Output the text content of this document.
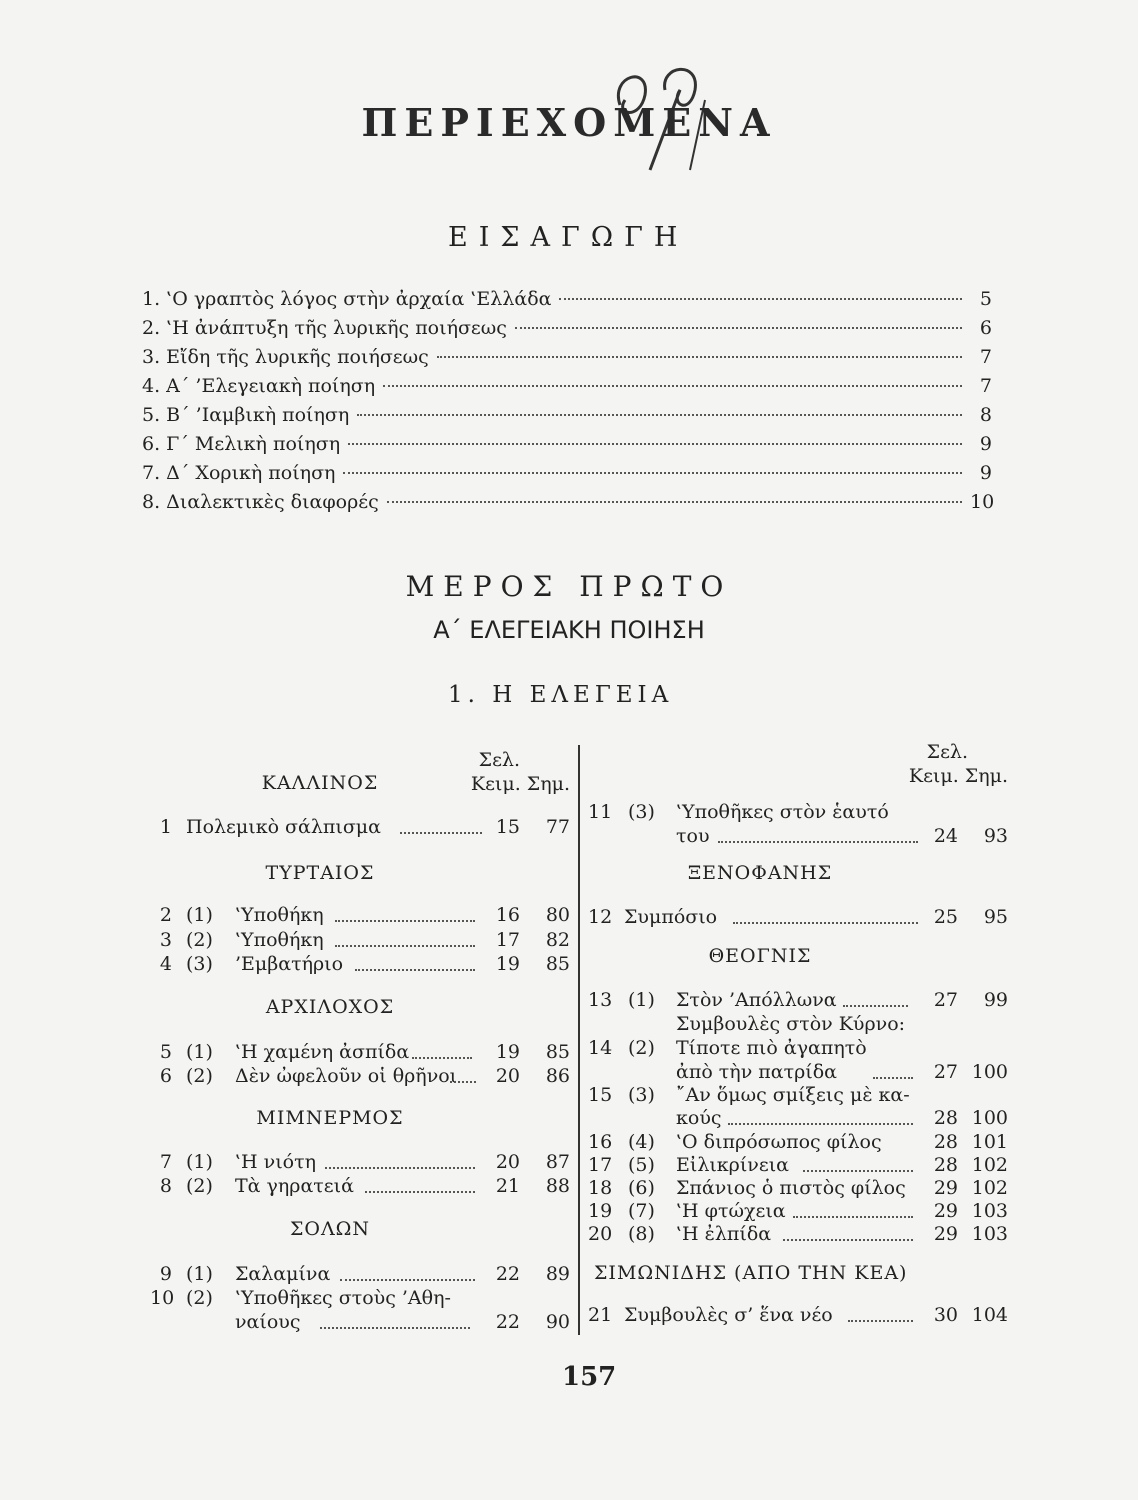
ΠΕΡΙΕΧΟΜΕΝΑ
ΕΙΣΑΓΩΓΗ
1. ‛Ο γραπτὸς λόγος στὴν ἀρχαία ‛Ελλάδα	5
2. ‛Η ἀνάπτυξη τῆς λυρικῆς ποιήσεως	6
3. Εἴδη τῆς λυρικῆς ποιήσεως	7
4. Α΄ ’Ελεγειακὴ ποίηση	7
5. Β΄ ’Ιαμβικὴ ποίηση	8
6. Γ΄ Μελικὴ ποίηση	9
7. Δ΄ Χορικὴ ποίηση	9
8. Διαλεκτικὲς διαφορές	10
ΜΕΡΟΣ ΠΡΩΤΟ
Α΄ ΕΛΕΓΕΙΑΚΗ ΠΟΙΗΣΗ
1. Η ΕΛΕΓΕΙΑ
Σελ.
Κειμ. Σημ.
Σελ.
Κειμ. Σημ.
ΚΑΛΛΙΝΟΣ
1 Πολεμικὸ σάλπισμα	15	77
ΤΥΡΤΑΙΟΣ
2 (1) ‛Υποθήκη	16	80
3 (2) ‛Υποθήκη	17	82
4 (3) ’Εμβατήριο	19	85
ΑΡΧΙΛΟΧΟΣ
5 (1) ‛Η χαμένη ἀσπίδα	19	85
6 (2) Δὲν ὠφελοῦν οἱ θρῆνοι	20	86
ΜΙΜΝΕΡΜΟΣ
7 (1) ‛Η νιότη	20	87
8 (2) Τὰ γηρατειά	21	88
ΣΟΛΩΝ
9 (1) Σαλαμίνα	22	89
10 (2) ‛Υποθῆκες στοὺς ’Αθη-
ναίους	22	90
11 (3) ‛Υποθῆκες στὸν ἑαυτό
του	24	93
ΞΕΝΟΦΑΝΗΣ
12 Συμπόσιο	25	95
ΘΕΟΓΝΙΣ
13 (1) Στὸν ’Απόλλωνα	27	99
Συμβουλὲς στὸν Κύρνο:
14 (2) Τίποτε πιὸ ἀγαπητὸ
ἀπὸ τὴν πατρίδα	27 100
15 (3) ῎Αν ὅμως σμίξεις μὲ κα-
κούς	28 100
16 (4) ‛Ο διπρόσωπος φίλος	28 101
17 (5) Εἰλικρίνεια	28 102
18 (6) Σπάνιος ὁ πιστὸς φίλος	29 102
19 (7) ‛Η φτώχεια	29 103
20 (8) ‛Η ἐλπίδα	29 103
ΣΙΜΩΝΙΔΗΣ (ΑΠΟ ΤΗΝ ΚΕΑ)
21 Συμβουλὲς σ’ ἕνα νέο	30 104
157
